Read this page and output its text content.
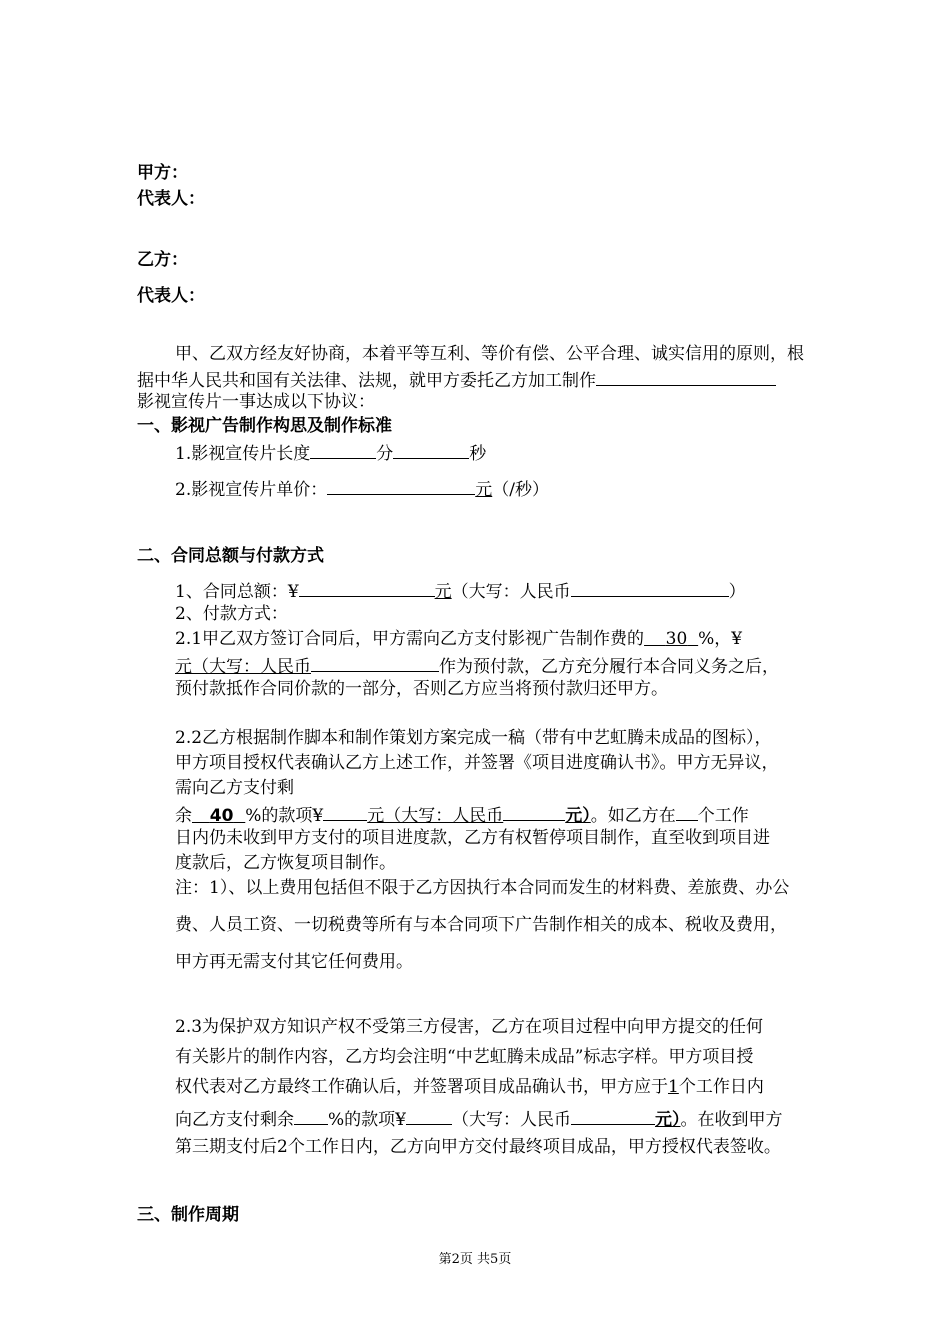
甲方：
代表人：
乙方：
代表人：
甲、乙双方经友好协商，本着平等互利、等价有偿、公平合理、诚实信用的原则，根
据中华人民共和国有关法律、法规，就甲方委托乙方加工制作
影视宣传片一事达成以下协议：
一、影视广告制作构思及制作标准
1.影视宣传片长度	分	秒
2.影视宣传片单价：	元（/秒）
二、合同总额与付款方式
1、合同总额：¥	元（大写：人民币	）
2、付款方式：
2.1甲乙双方签订合同后，甲方需向乙方支付影视广告制作费的 30 %，¥
元（大写：人民币	作为预付款，乙方充分履行本合同义务之后，
预付款抵作合同价款的一部分，否则乙方应当将预付款归还甲方。
2.2乙方根据制作脚本和制作策划方案完成一稿（带有中艺虹腾未成品的图标），
甲方项目授权代表确认乙方上述工作，并签署《项目进度确认书》。甲方无异议，
需向乙方支付剩
余 40 %的款项¥	元（大写：人民币	元）。如乙方在 个工作
日内仍未收到甲方支付的项目进度款，乙方有权暂停项目制作，直至收到项目进
度款后，乙方恢复项目制作。
注：1）、以上费用包括但不限于乙方因执行本合同而发生的材料费、差旅费、办公
费、人员工资、一切税费等所有与本合同项下广告制作相关的成本、税收及费用，
甲方再无需支付其它任何费用。
2.3为保护双方知识产权不受第三方侵害，乙方在项目过程中向甲方提交的任何
有关影片的制作内容，乙方均会注明“中艺虹腾未成品”标志字样。甲方项目授
权代表对乙方最终工作确认后，并签署项目成品确认书，甲方应于1个工作日内
向乙方支付剩余 %的款项¥	（大写：人民币	元）。在收到甲方
第三期支付后2个工作日内，乙方向甲方交付最终项目成品，甲方授权代表签收。
三、制作周期
第2页 共5页
